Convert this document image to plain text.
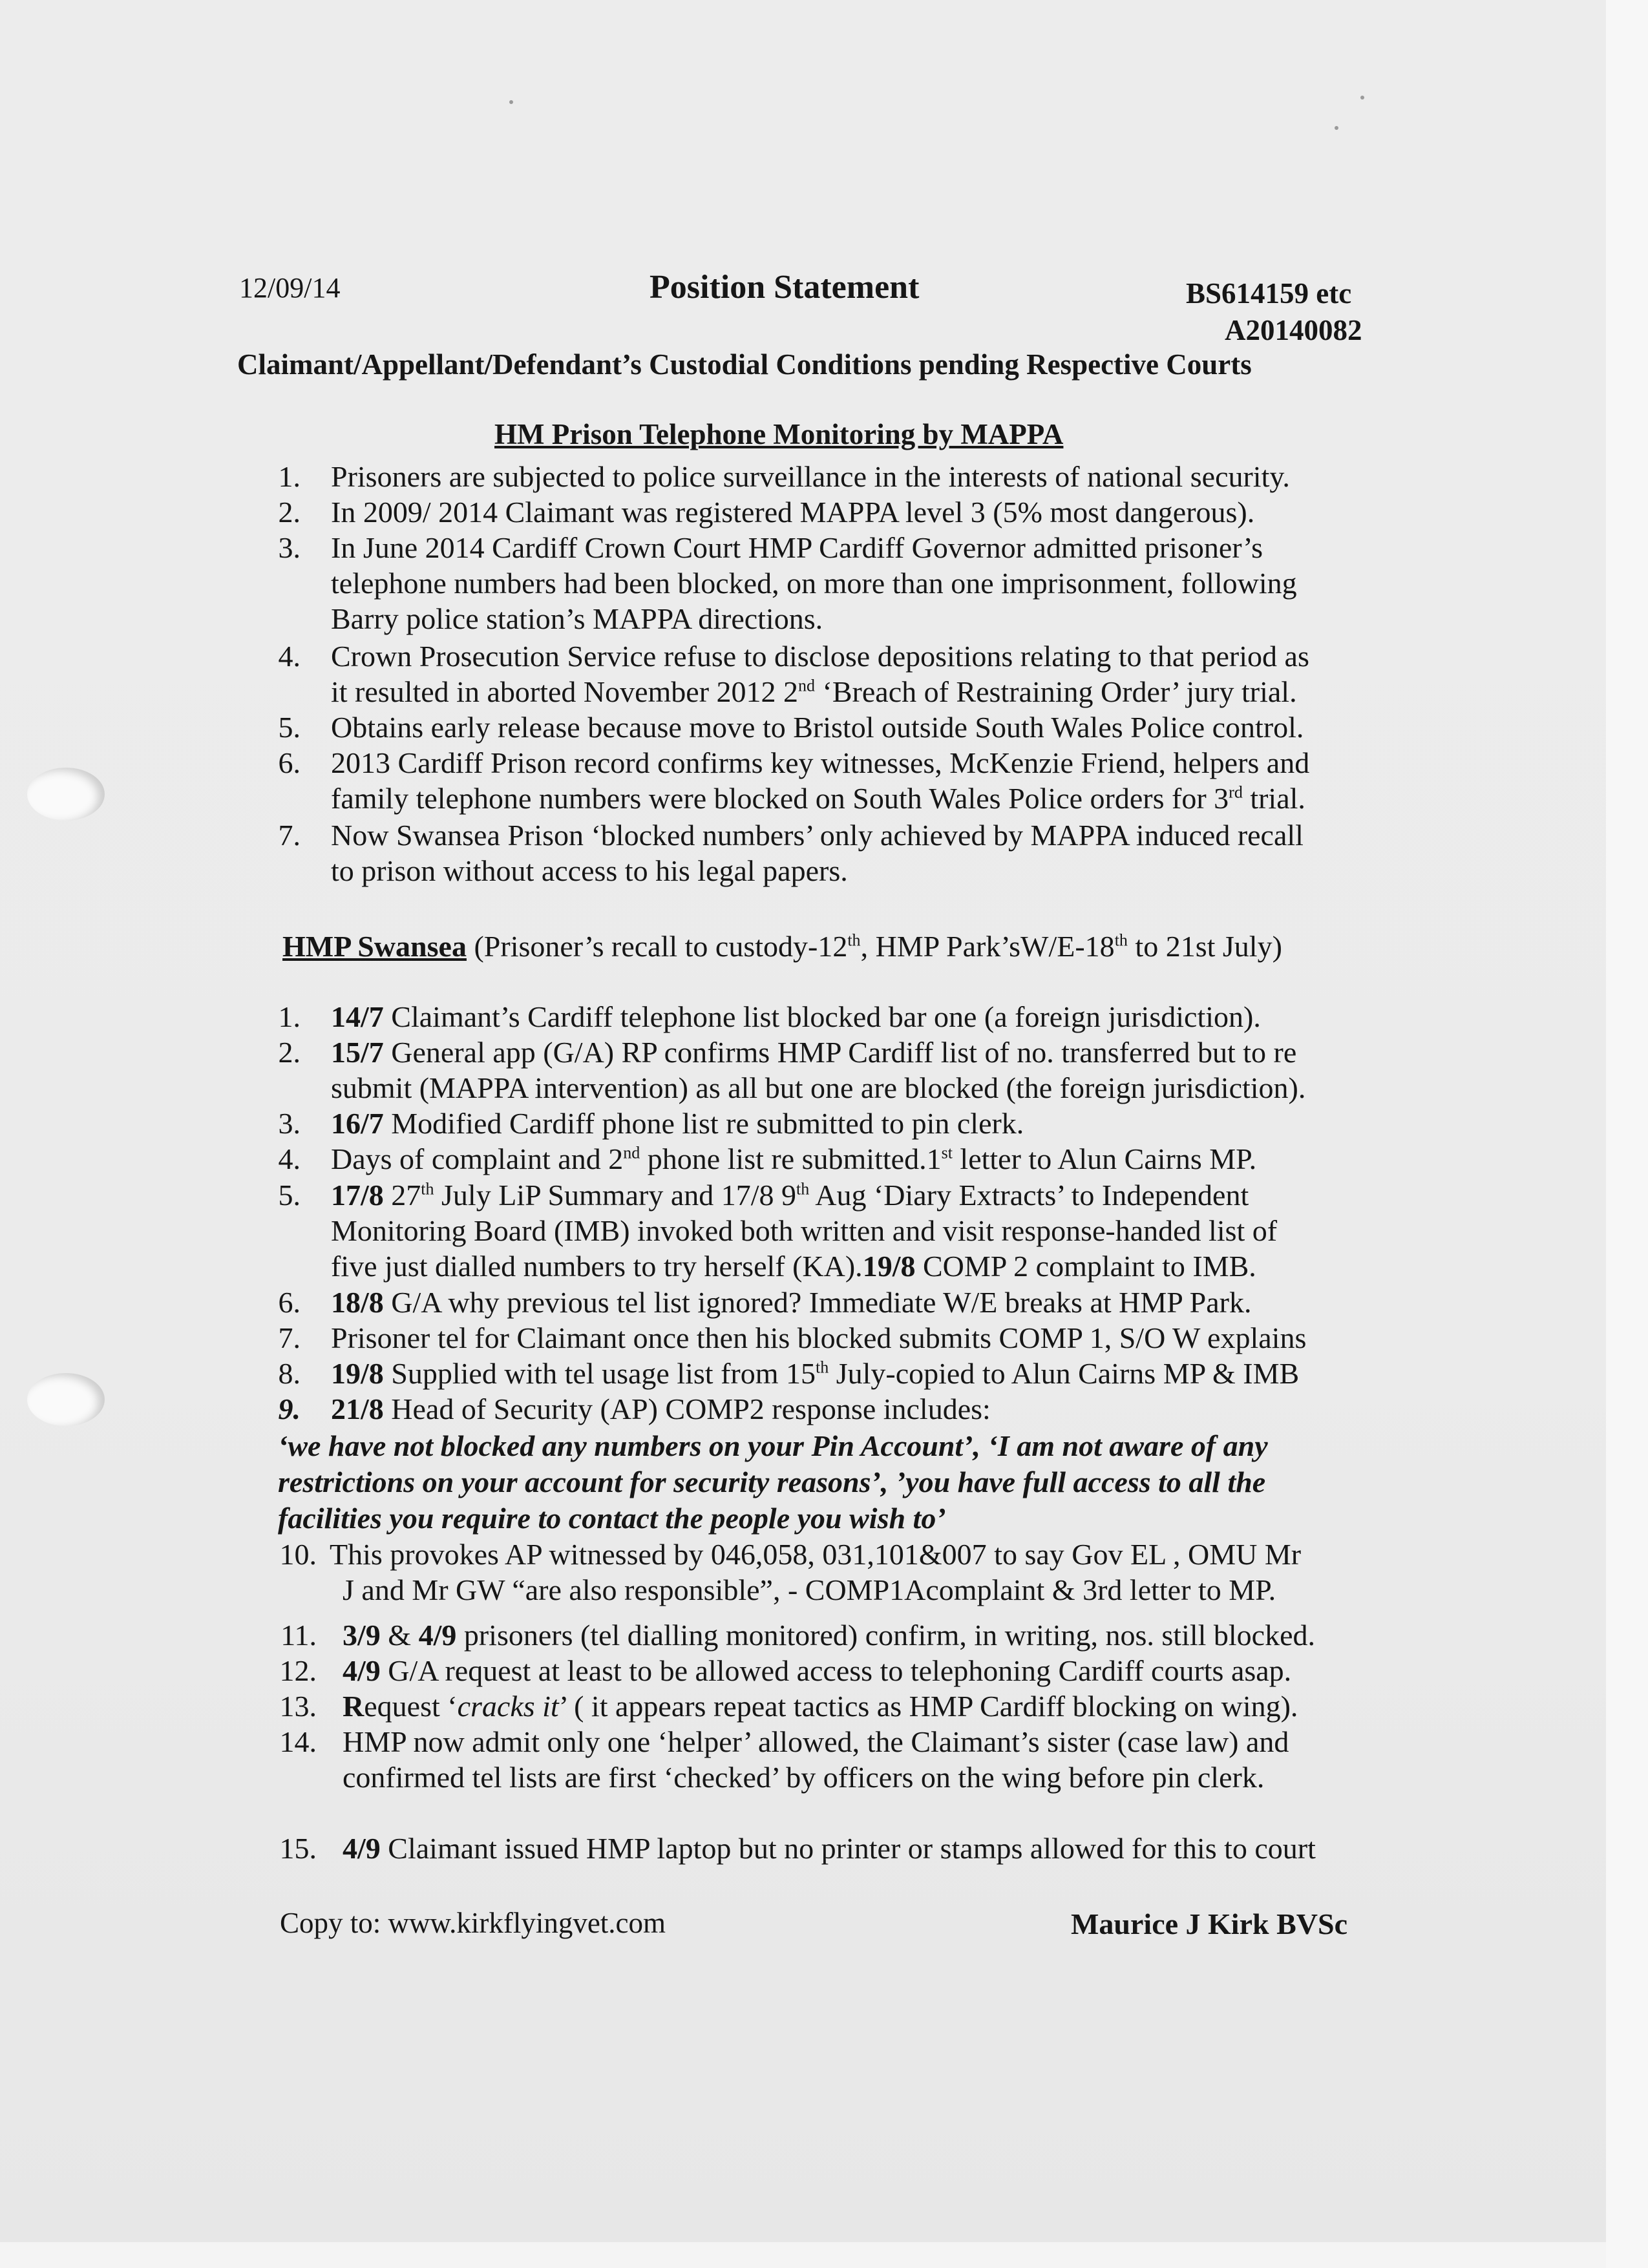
12/09/14	Position Statement	BS614159 etc
A20140082
Claimant/Appellant/Defendant’s Custodial Conditions pending Respective Courts
HM Prison Telephone Monitoring by MAPPA
1. Prisoners are subjected to police surveillance in the interests of national security.
2. In 2009/ 2014 Claimant was registered MAPPA level 3 (5% most dangerous).
3. In June 2014 Cardiff Crown Court HMP Cardiff Governor admitted prisoner’s
telephone numbers had been blocked, on more than one imprisonment, following
Barry police station’s MAPPA directions.
4. Crown Prosecution Service refuse to disclose depositions relating to that period as
it resulted in aborted November 2012 2nd ‘Breach of Restraining Order’ jury trial.
5. Obtains early release because move to Bristol outside South Wales Police control.
6. 2013 Cardiff Prison record confirms key witnesses, McKenzie Friend, helpers and
family telephone numbers were blocked on South Wales Police orders for 3rd trial.
7. Now Swansea Prison ‘blocked numbers’ only achieved by MAPPA induced recall
to prison without access to his legal papers.
HMP Swansea (Prisoner’s recall to custody-12th, HMP Park’sW/E-18th to 21st July)
1. 14/7 Claimant’s Cardiff telephone list blocked bar one (a foreign jurisdiction).
2. 15/7 General app (G/A) RP confirms HMP Cardiff list of no. transferred but to re
submit (MAPPA intervention) as all but one are blocked (the foreign jurisdiction).
3. 16/7 Modified Cardiff phone list re submitted to pin clerk.
4. Days of complaint and 2nd phone list re submitted.1st letter to Alun Cairns MP.
5. 17/8 27th July LiP Summary and 17/8 9th Aug ‘Diary Extracts’ to Independent
Monitoring Board (IMB) invoked both written and visit response-handed list of
five just dialled numbers to try herself (KA).19/8 COMP 2 complaint to IMB.
6. 18/8 G/A why previous tel list ignored? Immediate W/E breaks at HMP Park.
7. Prisoner tel for Claimant once then his blocked submits COMP 1, S/O W explains
8. 19/8 Supplied with tel usage list from 15th July-copied to Alun Cairns MP & IMB
9. 21/8 Head of Security (AP) COMP2 response includes:
‘we have not blocked any numbers on your Pin Account’, ‘I am not aware of any
restrictions on your account for security reasons’, ’you have full access to all the
facilities you require to contact the people you wish to’
10. This provokes AP witnessed by 046,058, 031,101&007 to say Gov EL , OMU Mr
J and Mr GW “are also responsible”, - COMP1Acomplaint & 3rd letter to MP.
11. 3/9 & 4/9 prisoners (tel dialling monitored) confirm, in writing, nos. still blocked.
12. 4/9 G/A request at least to be allowed access to telephoning Cardiff courts asap.
13. Request ‘cracks it’ ( it appears repeat tactics as HMP Cardiff blocking on wing).
14. HMP now admit only one ‘helper’ allowed, the Claimant’s sister (case law) and
confirmed tel lists are first ‘checked’ by officers on the wing before pin clerk.
15. 4/9 Claimant issued HMP laptop but no printer or stamps allowed for this to court
Copy to: www.kirkflyingvet.com	Maurice J Kirk BVSc
